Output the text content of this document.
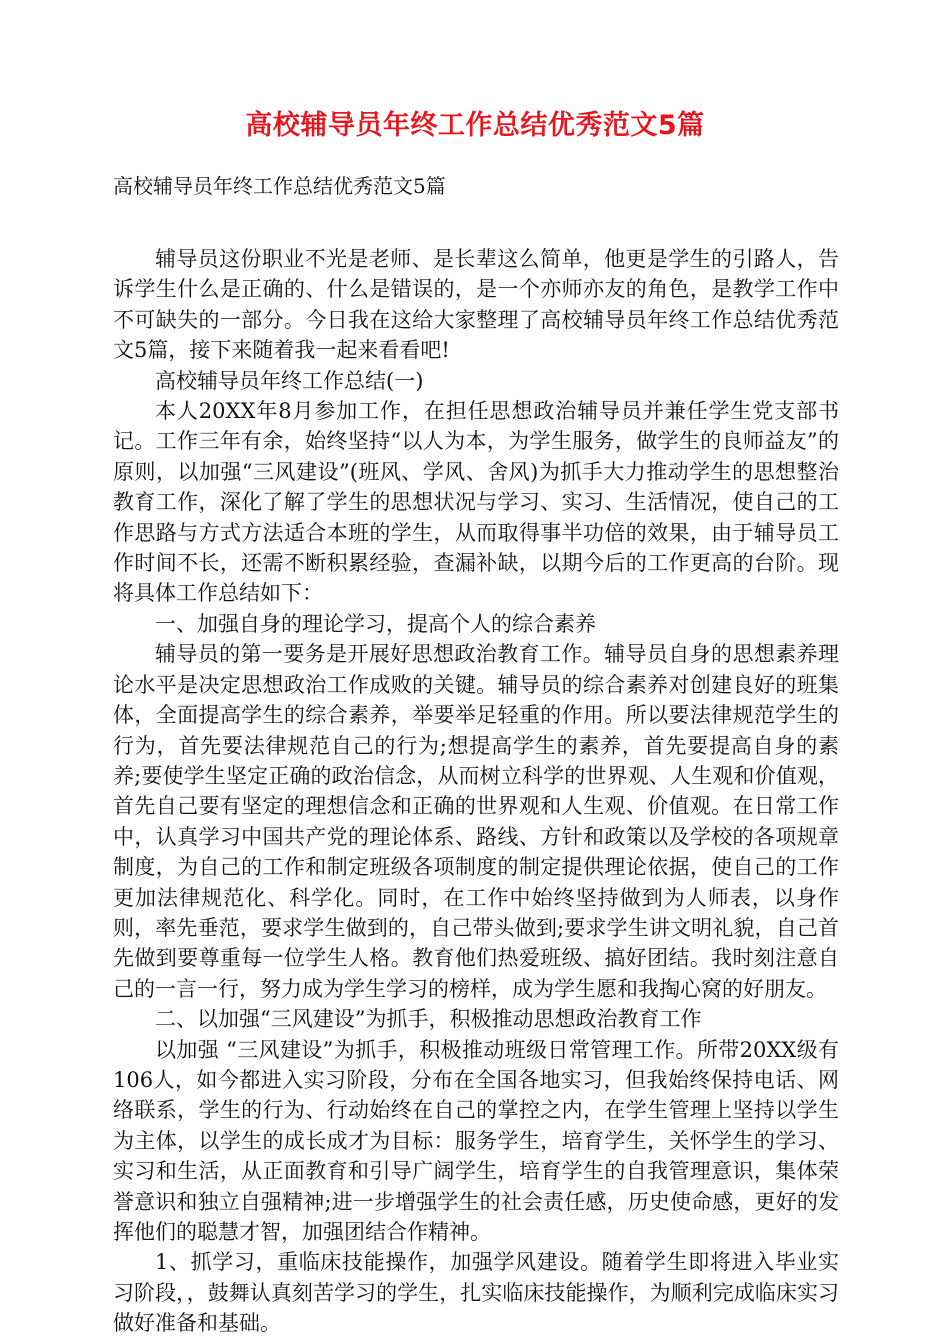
高校辅导员年终工作总结优秀范文5篇

高校辅导员年终工作总结优秀范文5篇

辅导员这份职业不光是老师、是长辈这么简单，他更是学生的引路人，告诉学生什么是正确的、什么是错误的，是一个亦师亦友的角色，是教学工作中不可缺失的一部分。今日我在这给大家整理了高校辅导员年终工作总结优秀范文5篇，接下来随着我一起来看看吧!

高校辅导员年终工作总结(一)

本人20XX年8月参加工作，在担任思想政治辅导员并兼任学生党支部书记。工作三年有余，始终坚持“以人为本，为学生服务，做学生的良师益友”的原则，以加强“三风建设”(班风、学风、舍风)为抓手大力推动学生的思想整治教育工作，深化了解了学生的思想状况与学习、实习、生活情况，使自己的工作思路与方式方法适合本班的学生，从而取得事半功倍的效果，由于辅导员工作时间不长，还需不断积累经验，查漏补缺，以期今后的工作更高的台阶。现将具体工作总结如下：

一、加强自身的理论学习，提高个人的综合素养

辅导员的第一要务是开展好思想政治教育工作。辅导员自身的思想素养理论水平是决定思想政治工作成败的关键。辅导员的综合素养对创建良好的班集体，全面提高学生的综合素养，举要举足轻重的作用。所以要法律规范学生的行为，首先要法律规范自己的行为;想提高学生的素养，首先要提高自身的素养;要使学生坚定正确的政治信念，从而树立科学的世界观、人生观和价值观，首先自己要有坚定的理想信念和正确的世界观和人生观、价值观。在日常工作中，认真学习中国共产党的理论体系、路线、方针和政策以及学校的各项规章制度，为自己的工作和制定班级各项制度的制定提供理论依据，使自己的工作更加法律规范化、科学化。同时，在工作中始终坚持做到为人师表，以身作则，率先垂范，要求学生做到的，自己带头做到;要求学生讲文明礼貌，自己首先做到要尊重每一位学生人格。教育他们热爱班级、搞好团结。我时刻注意自己的一言一行，努力成为学生学习的榜样，成为学生愿和我掏心窝的好朋友。

二、以加强“三风建设”为抓手，积极推动思想政治教育工作

以加强 “三风建设”为抓手，积极推动班级日常管理工作。所带20XX级有106人，如今都进入实习阶段，分布在全国各地实习，但我始终保持电话、网络联系，学生的行为、行动始终在自己的掌控之内，在学生管理上坚持以学生为主体，以学生的成长成才为目标：服务学生，培育学生，关怀学生的学习、实习和生活，从正面教育和引导广阔学生，培育学生的自我管理意识，集体荣誉意识和独立自强精神;进一步增强学生的社会责任感，历史使命感，更好的发挥他们的聪慧才智，加强团结合作精神。

1、抓学习，重临床技能操作，加强学风建设。随着学生即将进入毕业实习阶段，，鼓舞认真刻苦学习的学生，扎实临床技能操作，为顺利完成临床实习做好准备和基础。
